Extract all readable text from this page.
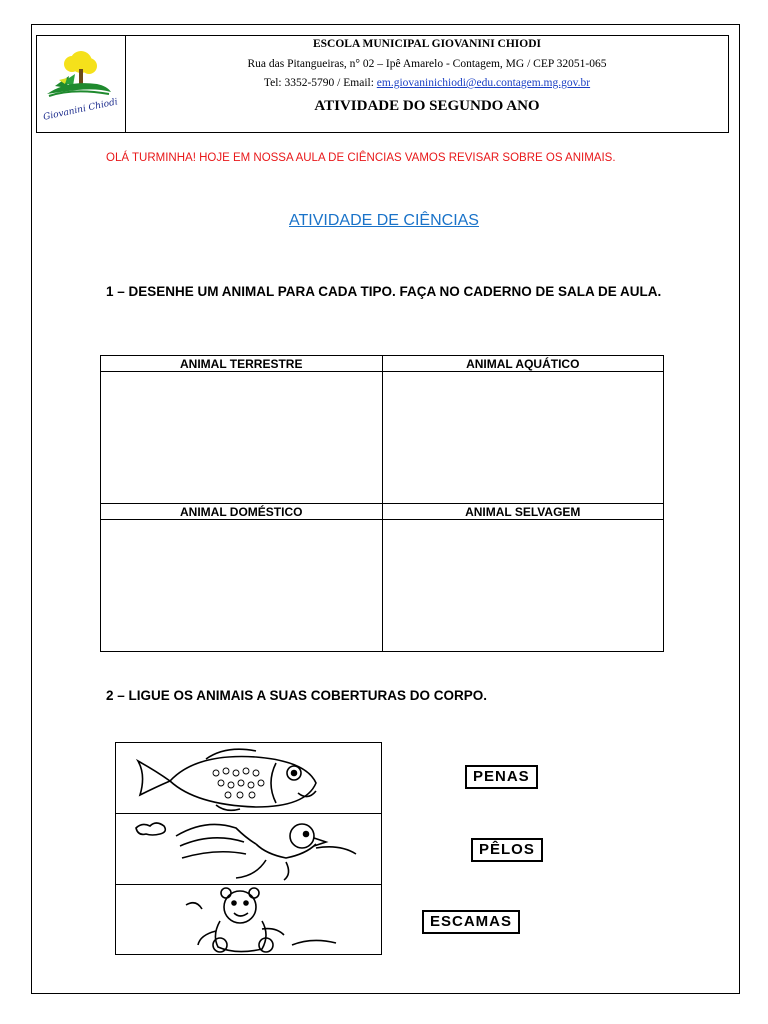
Giovanini Chiodi
ESCOLA MUNICIPAL GIOVANINI CHIODI
Rua das Pitangueiras, n° 02 – Ipê Amarelo - Contagem, MG / CEP 32051-065
Tel: 3352-5790 / Email: em.giovaninichiodi@edu.contagem.mg.gov.br
ATIVIDADE DO SEGUNDO ANO
OLÁ TURMINHA! HOJE EM NOSSA AULA DE CIÊNCIAS VAMOS REVISAR SOBRE OS ANIMAIS.
ATIVIDADE DE CIÊNCIAS
1 – DESENHE UM ANIMAL PARA CADA TIPO. FAÇA NO CADERNO DE SALA DE AULA.
ANIMAL TERRESTRE	ANIMAL AQUÁTICO

ANIMAL DOMÉSTICO	ANIMAL SELVAGEM

2 – LIGUE OS ANIMAIS A SUAS COBERTURAS DO CORPO.
PENAS
PÊLOS
ESCAMAS
